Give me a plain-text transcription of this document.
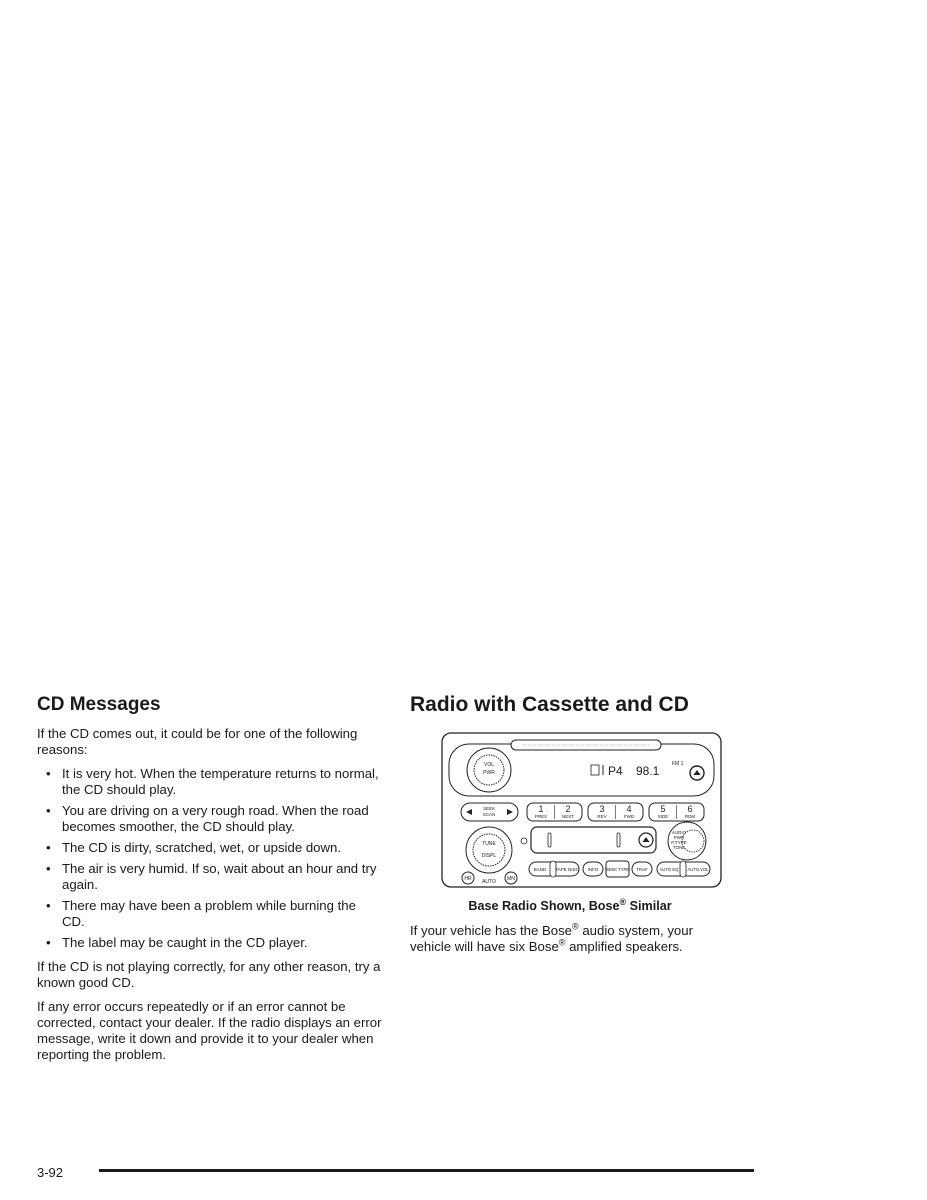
CD Messages

If the CD comes out, it could be for one of the following reasons:

• It is very hot. When the temperature returns to normal, the CD should play.
• You are driving on a very rough road. When the road becomes smoother, the CD should play.
• The CD is dirty, scratched, wet, or upside down.
• The air is very humid. If so, wait about an hour and try again.
• There may have been a problem while burning the CD.
• The label may be caught in the CD player.

If the CD is not playing correctly, for any other reason, try a known good CD.

If any error occurs repeatedly or if an error cannot be corrected, contact your dealer. If the radio displays an error message, write it down and provide it to your dealer when reporting the problem.

Radio with Cassette and CD
VOL
PWR	P4 98.1	FM 1
SEEK
SCAN
1
PREV
2
NEXT
3
REV
4
FWD
5
SIDE
6
RDM
TUNE
DISPL
HR AUTO MN
AUDIO
PWR
P.TYPE
TONE
BAND TAPE DISC INFO SEEK TYPE TRAF	AUTO EQ AUTO VOL

Base Radio Shown, Bose® Similar

If your vehicle has the Bose® audio system, your vehicle will have six Bose® amplified speakers.

3-92
